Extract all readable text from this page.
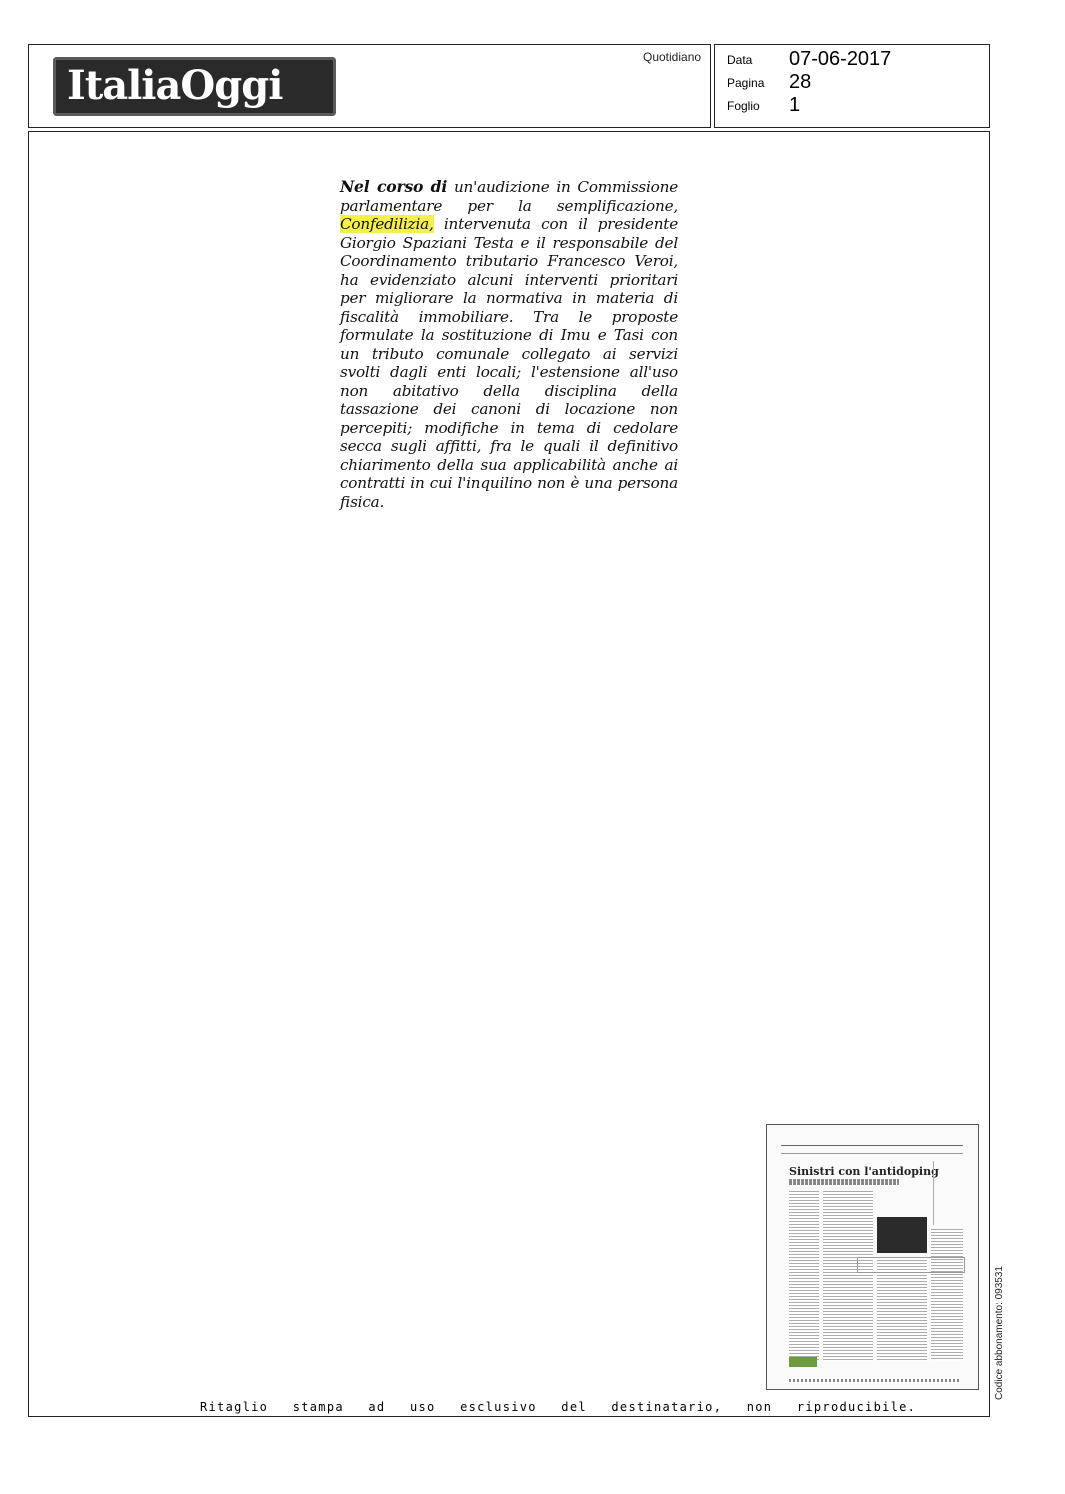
ItaliaOggi
Quotidiano Data 07-06-2017
Pagina 28
Foglio 1
Nel corso di un'audizione in Commissione parlamentare per la semplificazione, Confedilizia, intervenuta con il presidente Giorgio Spaziani Testa e il responsabile del Coordinamento tributario Francesco Veroi, ha evidenziato alcuni interventi prioritari per migliorare la normativa in materia di fiscalità immobiliare. Tra le proposte formulate la sostituzione di Imu e Tasi con un tributo comunale collegato ai servizi svolti dagli enti locali; l'estensione all'uso non abitativo della disciplina della tassazione dei canoni di locazione non percepiti; modifiche in tema di cedolare secca sugli affitti, fra le quali il definitivo chiarimento della sua applicabilità anche ai contratti in cui l'inquilino non è una persona fisica.
Sinistri con l'antidoping
Codice abbonamento: 093531
Ritaglio stampa ad uso esclusivo del destinatario, non riproducibile.
